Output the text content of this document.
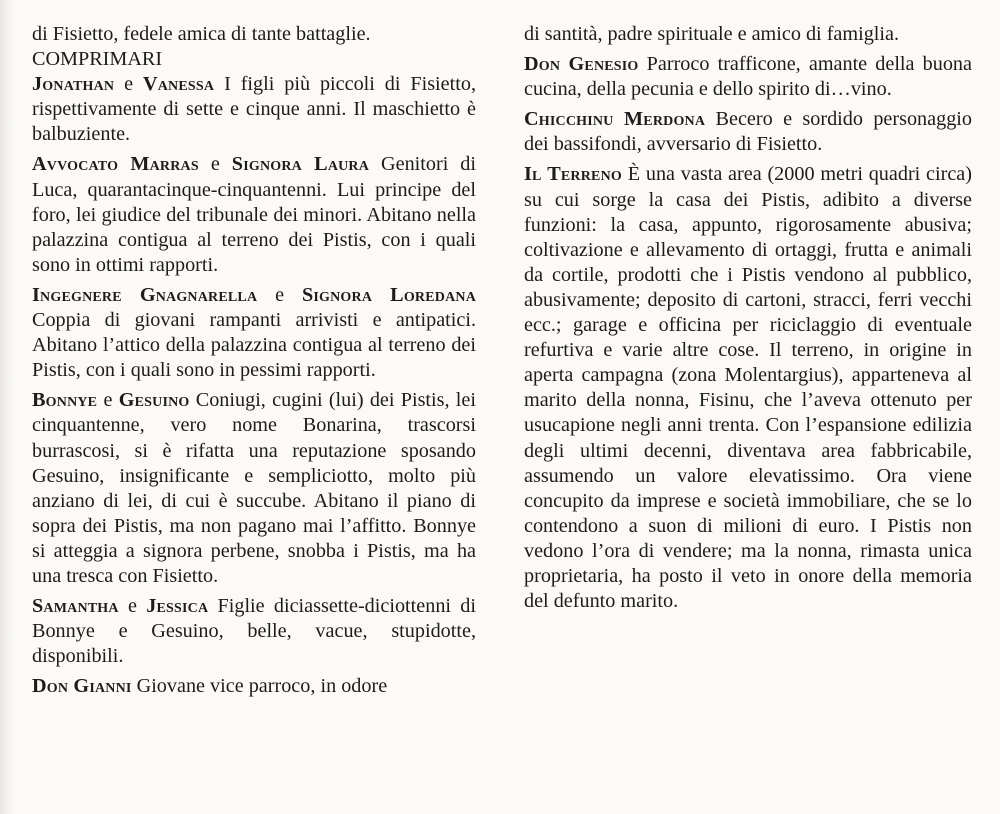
di Fisietto, fedele amica di tante battaglie.

COMPRIMARI

Jonathan e Vanessa I figli più piccoli di Fisietto, rispettivamente di sette e cinque anni. Il maschietto è balbuziente.

Avvocato Marras e Signora Laura Genitori di Luca, quarantacinque-cinquantenni. Lui principe del foro, lei giudice del tribunale dei minori. Abitano nella palazzina contigua al terreno dei Pistis, con i quali sono in ottimi rapporti.

Ingegnere Gnagnarella e Signora Loredana Coppia di giovani rampanti arrivisti e antipatici. Abitano l’attico della palazzina contigua al terreno dei Pistis, con i quali sono in pessimi rapporti.

Bonnye e Gesuino Coniugi, cugini (lui) dei Pistis, lei cinquantenne, vero nome Bonarina, trascorsi burrascosi, si è rifatta una reputazione sposando Gesuino, insignificante e sempliciotto, molto più anziano di lei, di cui è succube. Abitano il piano di sopra dei Pistis, ma non pagano mai l’affitto. Bonnye si atteggia a signora perbene, snobba i Pistis, ma ha una tresca con Fisietto.

Samantha e Jessica Figlie diciassette-diciottenni di Bonnye e Gesuino, belle, vacue, stupidotte, disponibili.

Don Gianni Giovane vice parroco, in odore

di santità, padre spirituale e amico di famiglia.

Don Genesio Parroco trafficone, amante della buona cucina, della pecunia e dello spirito di…vino.

Chicchinu Merdona Becero e sordido personaggio dei bassifondi, avversario di Fisietto.

Il Terreno È una vasta area (2000 metri quadri circa) su cui sorge la casa dei Pistis, adibito a diverse funzioni: la casa, appunto, rigorosamente abusiva; coltivazione e allevamento di ortaggi, frutta e animali da cortile, prodotti che i Pistis vendono al pubblico, abusivamente; deposito di cartoni, stracci, ferri vecchi ecc.; garage e officina per riciclaggio di eventuale refurtiva e varie altre cose. Il terreno, in origine in aperta campagna (zona Molentargius), apparteneva al marito della nonna, Fisinu, che l’aveva ottenuto per usucapione negli anni trenta. Con l’espansione edilizia degli ultimi decenni, diventava area fabbricabile, assumendo un valore elevatissimo. Ora viene concupito da imprese e società immobiliare, che se lo contendono a suon di milioni di euro. I Pistis non vedono l’ora di vendere; ma la nonna, rimasta unica proprietaria, ha posto il veto in onore della memoria del defunto marito.
